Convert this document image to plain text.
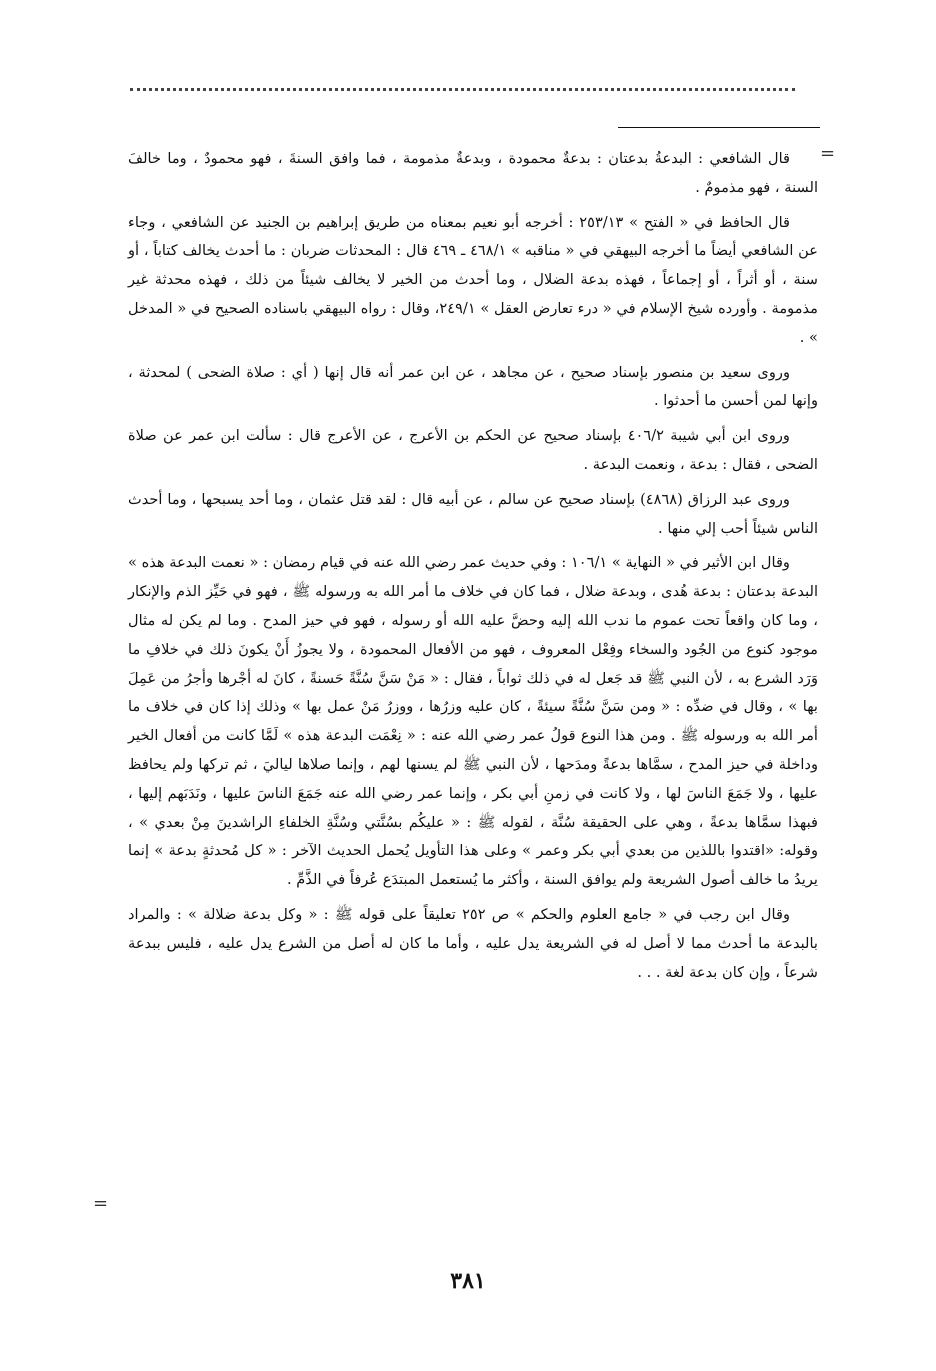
=
=

قال الشافعي : البدعةُ بدعتان : بدعةٌ محمودة ، وبدعةٌ مذمومة ، فما وافق السنةَ ، فهو محمودٌ ، وما خالفَ السنة ، فهو مذمومٌ .

قال الحافظ في « الفتح » ٢٥٣/١٣ : أخرجه أبو نعيم بمعناه من طريق إبراهيم بن الجنيد عن الشافعي ، وجاء عن الشافعي أيضاً ما أخرجه البيهقي في « مناقبه » ٤٦٨/١ ـ ٤٦٩ قال : المحدثات ضربان : ما أحدث يخالف كتاباً ، أو سنة ، أو أثراً ، أو إجماعاً ، فهذه بدعة الضلال ، وما أحدث من الخير لا يخالف شيئاً من ذلك ، فهذه محدثة غير مذمومة . وأورده شيخ الإسلام في « درء تعارض العقل » ٢٤٩/١، وقال : رواه البيهقي باسناده الصحيح في « المدخل » .

وروى سعيد بن منصور بإسناد صحيح ، عن مجاهد ، عن ابن عمر أنه قال إنها ( أي : صلاة الضحى ) لمحدثة ، وإنها لمن أحسن ما أحدثوا .

وروى ابن أبي شيبة ٤٠٦/٢ بإسناد صحيح عن الحكم بن الأعرج ، عن الأعرج قال : سألت ابن عمر عن صلاة الضحى ، فقال : بدعة ، ونعمت البدعة .

وروى عبد الرزاق (٤٨٦٨) بإسناد صحيح عن سالم ، عن أبيه قال : لقد قتل عثمان ، وما أحد يسبحها ، وما أحدث الناس شيئاً أحب إلي منها .

وقال ابن الأثير في « النهاية » ١٠٦/١ : وفي حديث عمر رضي الله عنه في قيام رمضان : « نعمت البدعة هذه » البدعة بدعتان : بدعة هُدى ، وبدعة ضلال ، فما كان في خلاف ما أمر الله به ورسوله ﷺ ، فهو في حَيِّز الذم والإنكار ، وما كان واقعاً تحت عموم ما ندب الله إليه وحضَّ عليه الله أو رسوله ، فهو في حيز المدح . وما لم يكن له مثال موجود كنوع من الجُود والسخاء وفِعْل المعروف ، فهو من الأفعال المحمودة ، ولا يجوزُ أَنْ يكونَ ذلك في خلافِ ما وَرَد الشرع به ، لأن النبي ﷺ قد جَعل له في ذلك ثواباً ، فقال : « مَنْ سَنَّ سُنَّةً حَسنةً ، كانَ له أجْرها وأجرُ من عَمِلَ بها » ، وقال في ضدِّه : « ومن سَنَّ سُنَّةً سيئةً ، كان عليه وزرُها ، ووزرُ مَنْ عمل بها » وذلك إذا كان في خلاف ما أمر الله به ورسوله ﷺ . ومن هذا النوع قولُ عمر رضي الله عنه : « نِعْمَت البدعة هذه » لَمَّا كانت من أفعال الخير وداخلة في حيز المدح ، سمَّاها بدعةً ومدَحها ، لأن النبي ﷺ لم يسنها لهم ، وإنما صلاها لياليَ ، ثم تركها ولم يحافظ عليها ، ولا جَمَعَ الناسَ لها ، ولا كانت في زمنِ أبي بكر ، وإنما عمر رضي الله عنه جَمَعَ الناسَ عليها ، ونَدَبَهم إليها ، فبهذا سمَّاها بدعةً ، وهي على الحقيقة سُنَّة ، لقوله ﷺ : « عليكُم بسُنَّتي وسُنَّةِ الخلفاءِ الراشدينَ مِنْ بعدي » ، وقوله: «اقتدوا باللذين من بعدي أبي بكر وعمر » وعلى هذا التأويل يُحمل الحديث الآخر : « كل مُحدثةٍ بدعة » إنما يريدُ ما خالف أصول الشريعة ولم يوافق السنة ، وأكثر ما يُستعمل المبتدَع عُرفاً في الذَّمِّ .

وقال ابن رجب في « جامع العلوم والحكم » ص ٢٥٢ تعليقاً على قوله ﷺ : « وكل بدعة ضلالة » : والمراد بالبدعة ما أحدث مما لا أصل له في الشريعة يدل عليه ، وأما ما كان له أصل من الشرع يدل عليه ، فليس ببدعة شرعاً ، وإن كان بدعة لغة . . .

٣٨١
